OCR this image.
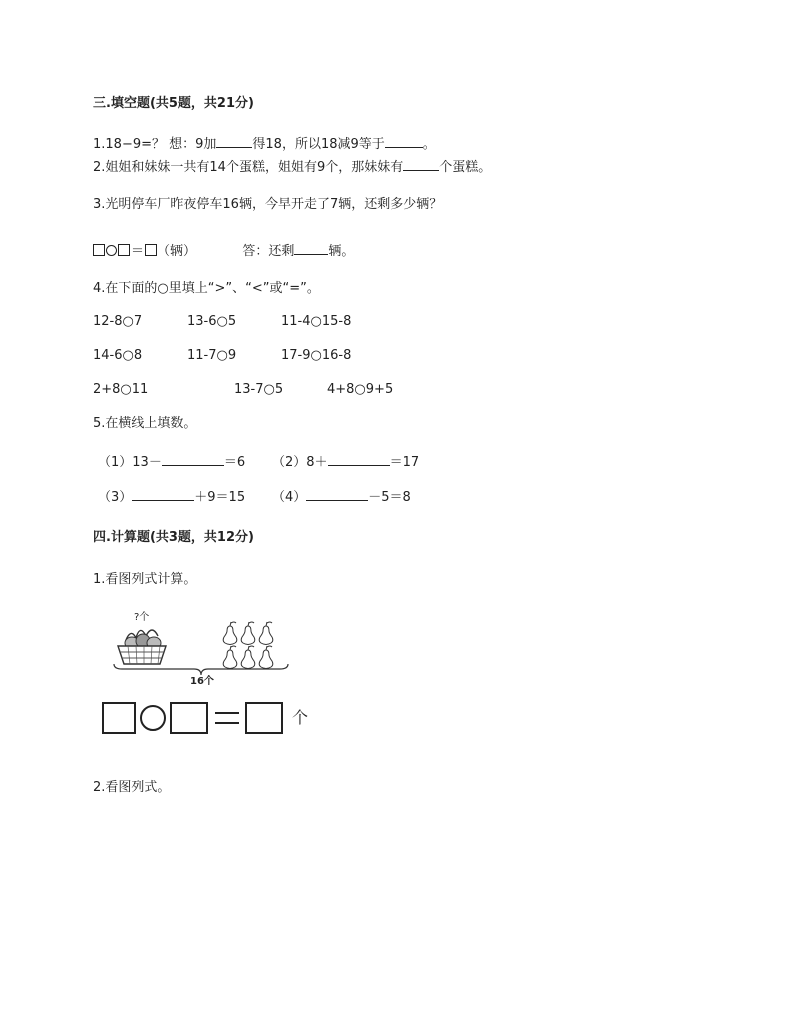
三.填空题(共5题，共21分)
1.18−9=？ 想：9加	得18，所以18减9等于	。
2.姐姐和妹妹一共有14个蛋糕，姐姐有9个，那妹妹有	个蛋糕。
3.光明停车厂昨夜停车16辆，今早开走了7辆，还剩多少辆？
＝ （辆）	答：还剩	辆。
4.在下面的○里填上“>”、“<”或“=”。
12-8○7	13-6○5	11-4○15-8
14-6○8	11-7○9	17-9○16-8
2+8○11	13-7○5	4+8○9+5
5.在横线上填数。
（1）13－	＝6 （2）8＋	＝17
（3）	＋9＝15 （4）	－5＝8
四.计算题(共3题，共12分)
1.看图列式计算。
?个
16个
个
2.看图列式。
